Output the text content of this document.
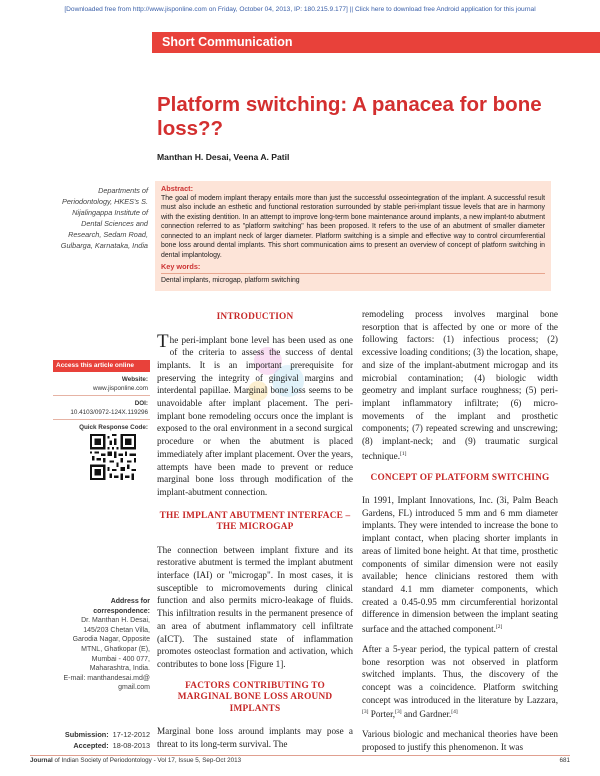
[Downloaded free from http://www.jisponline.com on Friday, October 04, 2013, IP: 180.215.9.177] || Click here to download free Android application for this journal
Short Communication
Platform switching: A panacea for bone loss??
Manthan H. Desai, Veena A. Patil
Departments of Periodontology, HKES's S. Nijalingappa Institute of Dental Sciences and Research, Sedam Road, Gulbarga, Karnataka, India
Abstract:

The goal of modern implant therapy entails more than just the successful osseointegration of the implant. A successful result must also include an esthetic and functional restoration surrounded by stable peri-implant tissue levels that are in harmony with the existing dentition. In an attempt to improve long-term bone maintenance around implants, a new implant-to abutment connection referred to as "platform switching" has been proposed. It refers to the use of an abutment of smaller diameter connected to an implant neck of larger diameter. Platform switching is a simple and effective way to control circumferential bone loss around dental implants. This short communication aims to present an overview of concept of platform switching in dental implantology.

Key words:

Dental implants, microgap, platform switching

Access this article online
Website:
www.jisponline.com
DOI:
10.4103/0972-124X.119296
Quick Response Code:
Address for correspondence:
Dr. Manthan H. Desai,
145/203 Chetan Villa,
Garodia Nagar, Opposite
MTNL, Ghatkopar (E),
Mumbai - 400 077,
Maharashtra, India.
E-mail: manthandesai.md@
gmail.com
Submission: 17-12-2012
Accepted: 18-08-2013
INTRODUCTION

The peri-implant bone level has been used as one of the criteria to assess the success of dental implants. It is an important prerequisite for preserving the integrity of gingival margins and interdental papillae. Marginal bone loss seems to be unavoidable after implant placement. The peri-implant bone remodeling occurs once the implant is exposed to the oral environment in a second surgical procedure or when the abutment is placed immediately after implant placement. Over the years, attempts have been made to prevent or reduce marginal bone loss through modification of the implant-abutment connection.

THE IMPLANT ABUTMENT INTERFACE – THE MICROGAP

The connection between implant fixture and its restorative abutment is termed the implant abutment interface (IAI) or "microgap". In most cases, it is susceptible to micromovements during clinical function and also permits micro-leakage of fluids. This infiltration results in the permanent presence of an area of abutment inflammatory cell infiltrate (aICT). The sustained state of inflammation promotes osteoclast formation and activation, which contributes to bone loss [Figure 1].

FACTORS CONTRIBUTING TO MARGINAL BONE LOSS AROUND IMPLANTS

Marginal bone loss around implants may pose a threat to its long-term survival. The

remodeling process involves marginal bone resorption that is affected by one or more of the following factors: (1) infectious process; (2) excessive loading conditions; (3) the location, shape, and size of the implant-abutment microgap and its microbial contamination; (4) biologic width geometry and implant surface roughness; (5) peri-implant inflammatory infiltrate; (6) micro-movements of the implant and prosthetic components; (7) repeated screwing and unscrewing; (8) implant-neck; and (9) traumatic surgical technique.[1]

CONCEPT OF PLATFORM SWITCHING

In 1991, Implant Innovations, Inc. (3i, Palm Beach Gardens, FL) introduced 5 mm and 6 mm diameter implants. They were intended to increase the bone to implant contact, when placing shorter implants in areas of limited bone height. At that time, prosthetic components of similar dimension were not easily available; hence clinicians restored them with standard 4.1 mm diameter components, which created a 0.45-0.95 mm circumferential horizontal difference in dimension between the implant seating surface and the attached component.[2]

After a 5-year period, the typical pattern of crestal bone resorption was not observed in platform switched implants. Thus, the discovery of the concept was a coincidence. Platform switching concept was introduced in the literature by Lazzara,[3] Porter,[3] and Gardner.[4]

Various biologic and mechanical theories have been proposed to justify this phenomenon. It was

Journal of Indian Society of Periodontology - Vol 17, Issue 5, Sep-Oct 2013	681
